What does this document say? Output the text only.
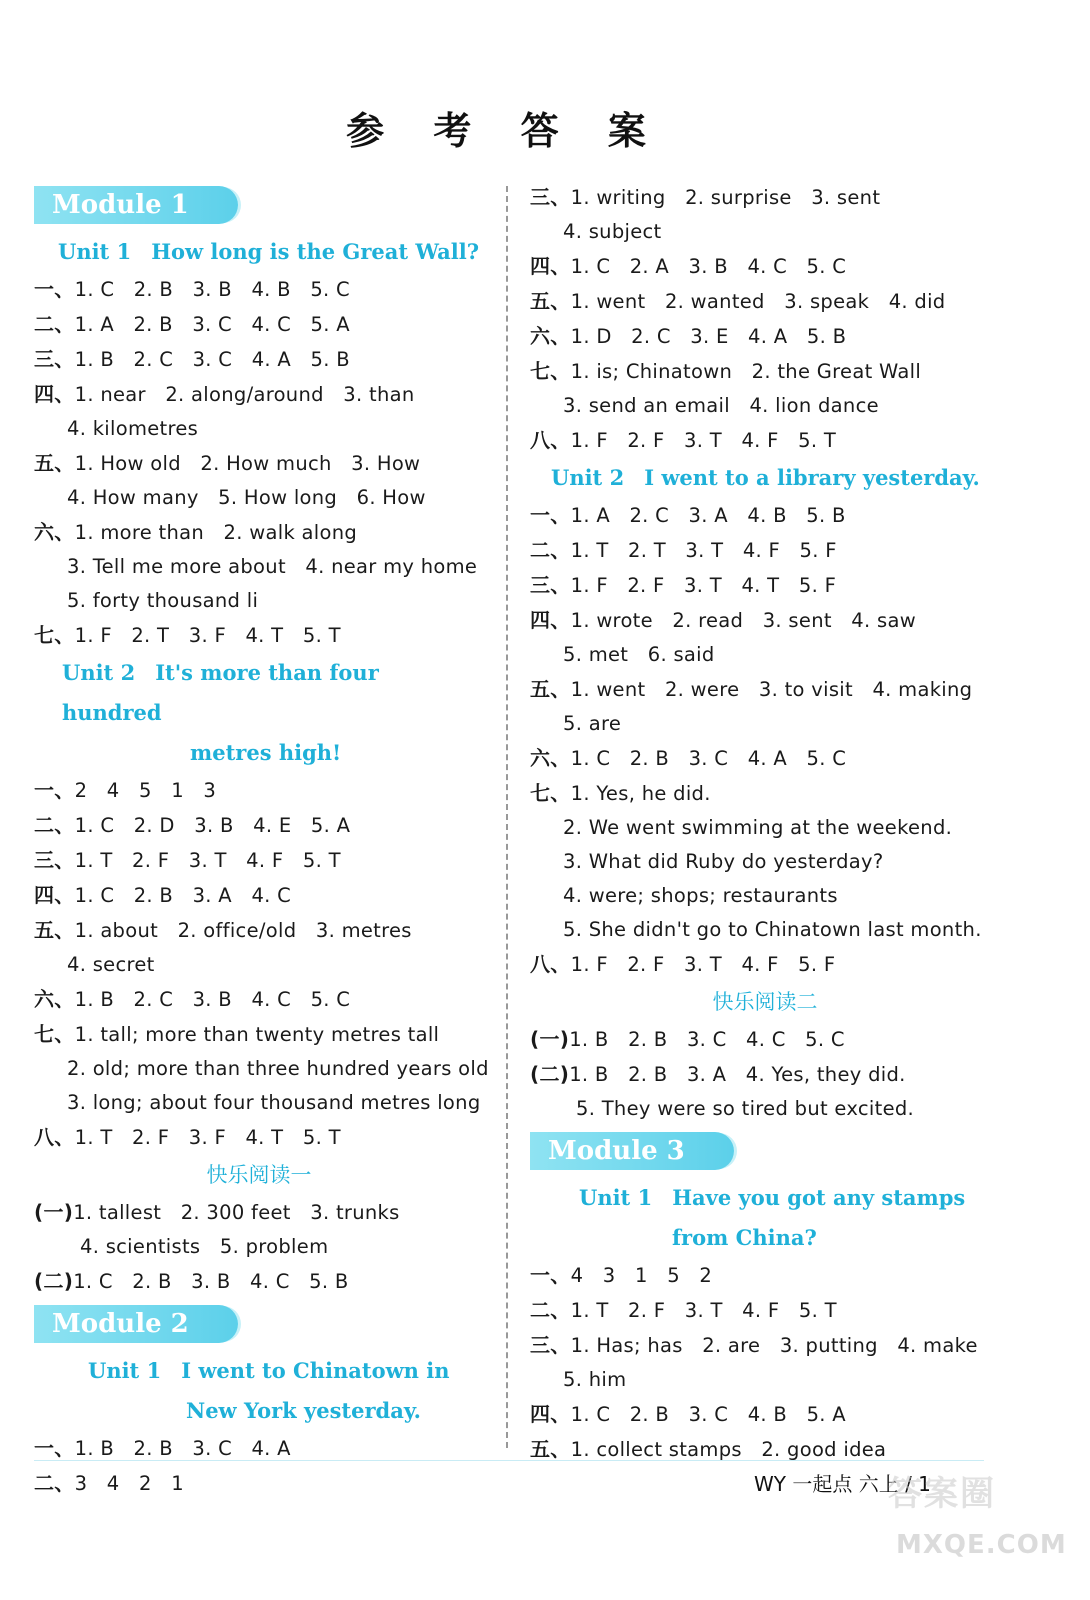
参 考 答 案
Module 1
Unit 1 How long is the Great Wall?
一、1. C   2. B   3. B   4. B   5. C
二、1. A   2. B   3. C   4. C   5. A
三、1. B   2. C   3. C   4. A   5. B
四、1. near   2. along/around   3. than
4. kilometres
五、1. How old   2. How much   3. How
4. How many   5. How long   6. How
六、1. more than   2. walk along
3. Tell me more about   4. near my home
5. forty thousand li
七、1. F   2. T   3. F   4. T   5. T
Unit 2 It's more than four hundred
metres high!
一、2   4   5   1   3
二、1. C   2. D   3. B   4. E   5. A
三、1. T   2. F   3. T   4. F   5. T
四、1. C   2. B   3. A   4. C
五、1. about   2. office/old   3. metres
4. secret
六、1. B   2. C   3. B   4. C   5. C
七、1. tall; more than twenty metres tall
2. old; more than three hundred years old
3. long; about four thousand metres long
八、1. T   2. F   3. F   4. T   5. T
快乐阅读一
(一)1. tallest   2. 300 feet   3. trunks
4. scientists   5. problem
(二)1. C   2. B   3. B   4. C   5. B
Module 2
Unit 1 I went to Chinatown in
New York yesterday.
一、1. B   2. B   3. C   4. A
二、3   4   2   1
三、1. writing   2. surprise   3. sent
4. subject
四、1. C   2. A   3. B   4. C   5. C
五、1. went   2. wanted   3. speak   4. did
六、1. D   2. C   3. E   4. A   5. B
七、1. is; Chinatown   2. the Great Wall
3. send an email   4. lion dance
八、1. F   2. F   3. T   4. F   5. T
Unit 2 I went to a library yesterday.
一、1. A   2. C   3. A   4. B   5. B
二、1. T   2. T   3. T   4. F   5. F
三、1. F   2. F   3. T   4. T   5. F
四、1. wrote   2. read   3. sent   4. saw
5. met   6. said
五、1. went   2. were   3. to visit   4. making
5. are
六、1. C   2. B   3. C   4. A   5. C
七、1. Yes, he did.
2. We went swimming at the weekend.
3. What did Ruby do yesterday?
4. were; shops; restaurants
5. She didn't go to Chinatown last month.
八、1. F   2. F   3. T   4. F   5. F
快乐阅读二
(一)1. B   2. B   3. C   4. C   5. C
(二)1. B   2. B   3. A   4. Yes, they did.
5. They were so tired but excited.
Module 3
Unit 1 Have you got any stamps
from China?
一、4   3   1   5   2
二、1. T   2. F   3. T   4. F   5. T
三、1. Has; has   2. are   3. putting   4. make
5. him
四、1. C   2. B   3. C   4. B   5. A
五、1. collect stamps   2. good idea
WY 一起点 六上 / 1
答案圈
MXQE.COM
